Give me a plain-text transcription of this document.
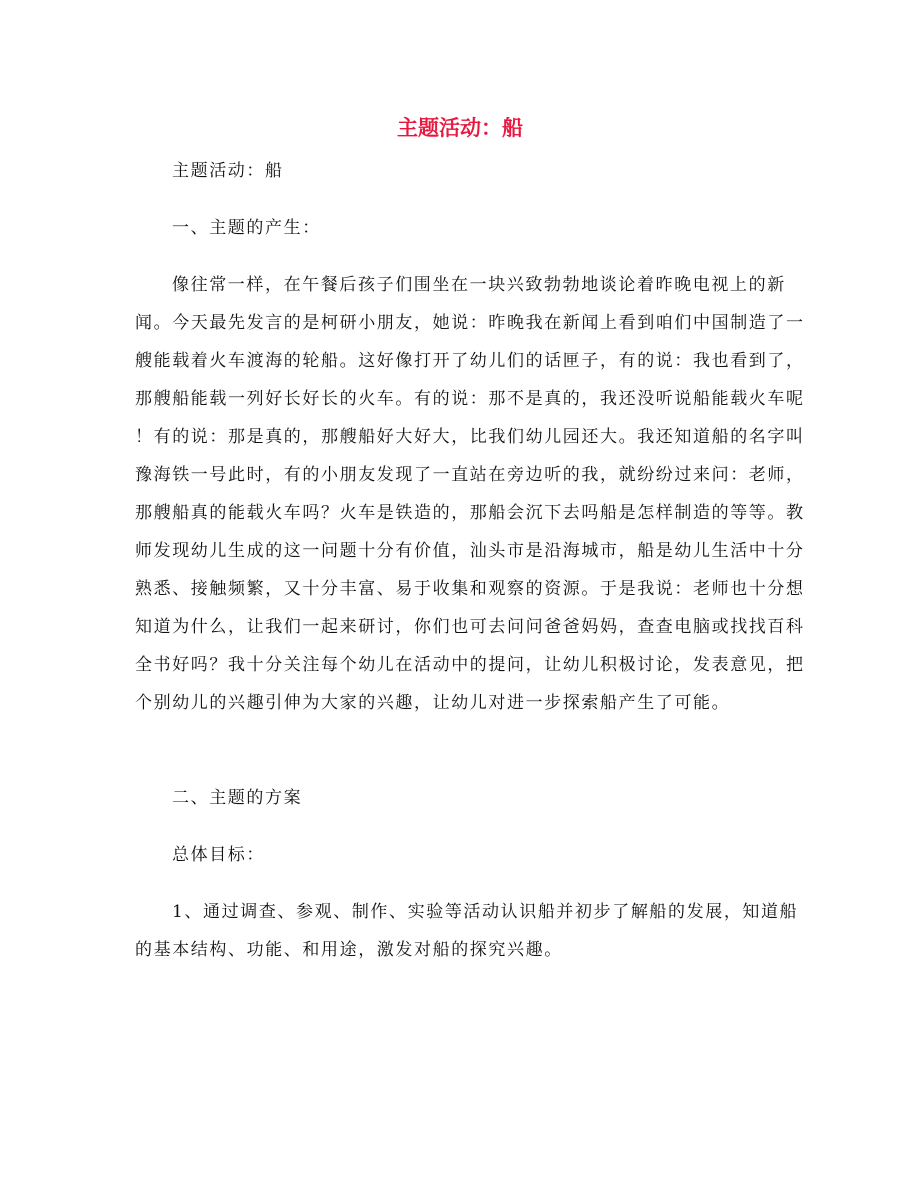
主题活动：船
主题活动：船
一、主题的产生：
像往常一样，在午餐后孩子们围坐在一块兴致勃勃地谈论着昨晚电视上的新
闻。今天最先发言的是柯研小朋友，她说：昨晚我在新闻上看到咱们中国制造了一
艘能载着火车渡海的轮船。这好像打开了幼儿们的话匣子，有的说：我也看到了，
那艘船能载一列好长好长的火车。有的说：那不是真的，我还没听说船能载火车呢
！有的说：那是真的，那艘船好大好大，比我们幼儿园还大。我还知道船的名字叫
豫海铁一号此时，有的小朋友发现了一直站在旁边听的我，就纷纷过来问：老师，
那艘船真的能载火车吗？火车是铁造的，那船会沉下去吗船是怎样制造的等等。教
师发现幼儿生成的这一问题十分有价值，汕头市是沿海城市，船是幼儿生活中十分
熟悉、接触频繁，又十分丰富、易于收集和观察的资源。于是我说：老师也十分想
知道为什么，让我们一起来研讨，你们也可去问问爸爸妈妈，查查电脑或找找百科
全书好吗？我十分关注每个幼儿在活动中的提问，让幼儿积极讨论，发表意见，把
个别幼儿的兴趣引伸为大家的兴趣，让幼儿对进一步探索船产生了可能。
二、主题的方案
总体目标：
1、通过调查、参观、制作、实验等活动认识船并初步了解船的发展，知道船
的基本结构、功能、和用途，激发对船的探究兴趣。
